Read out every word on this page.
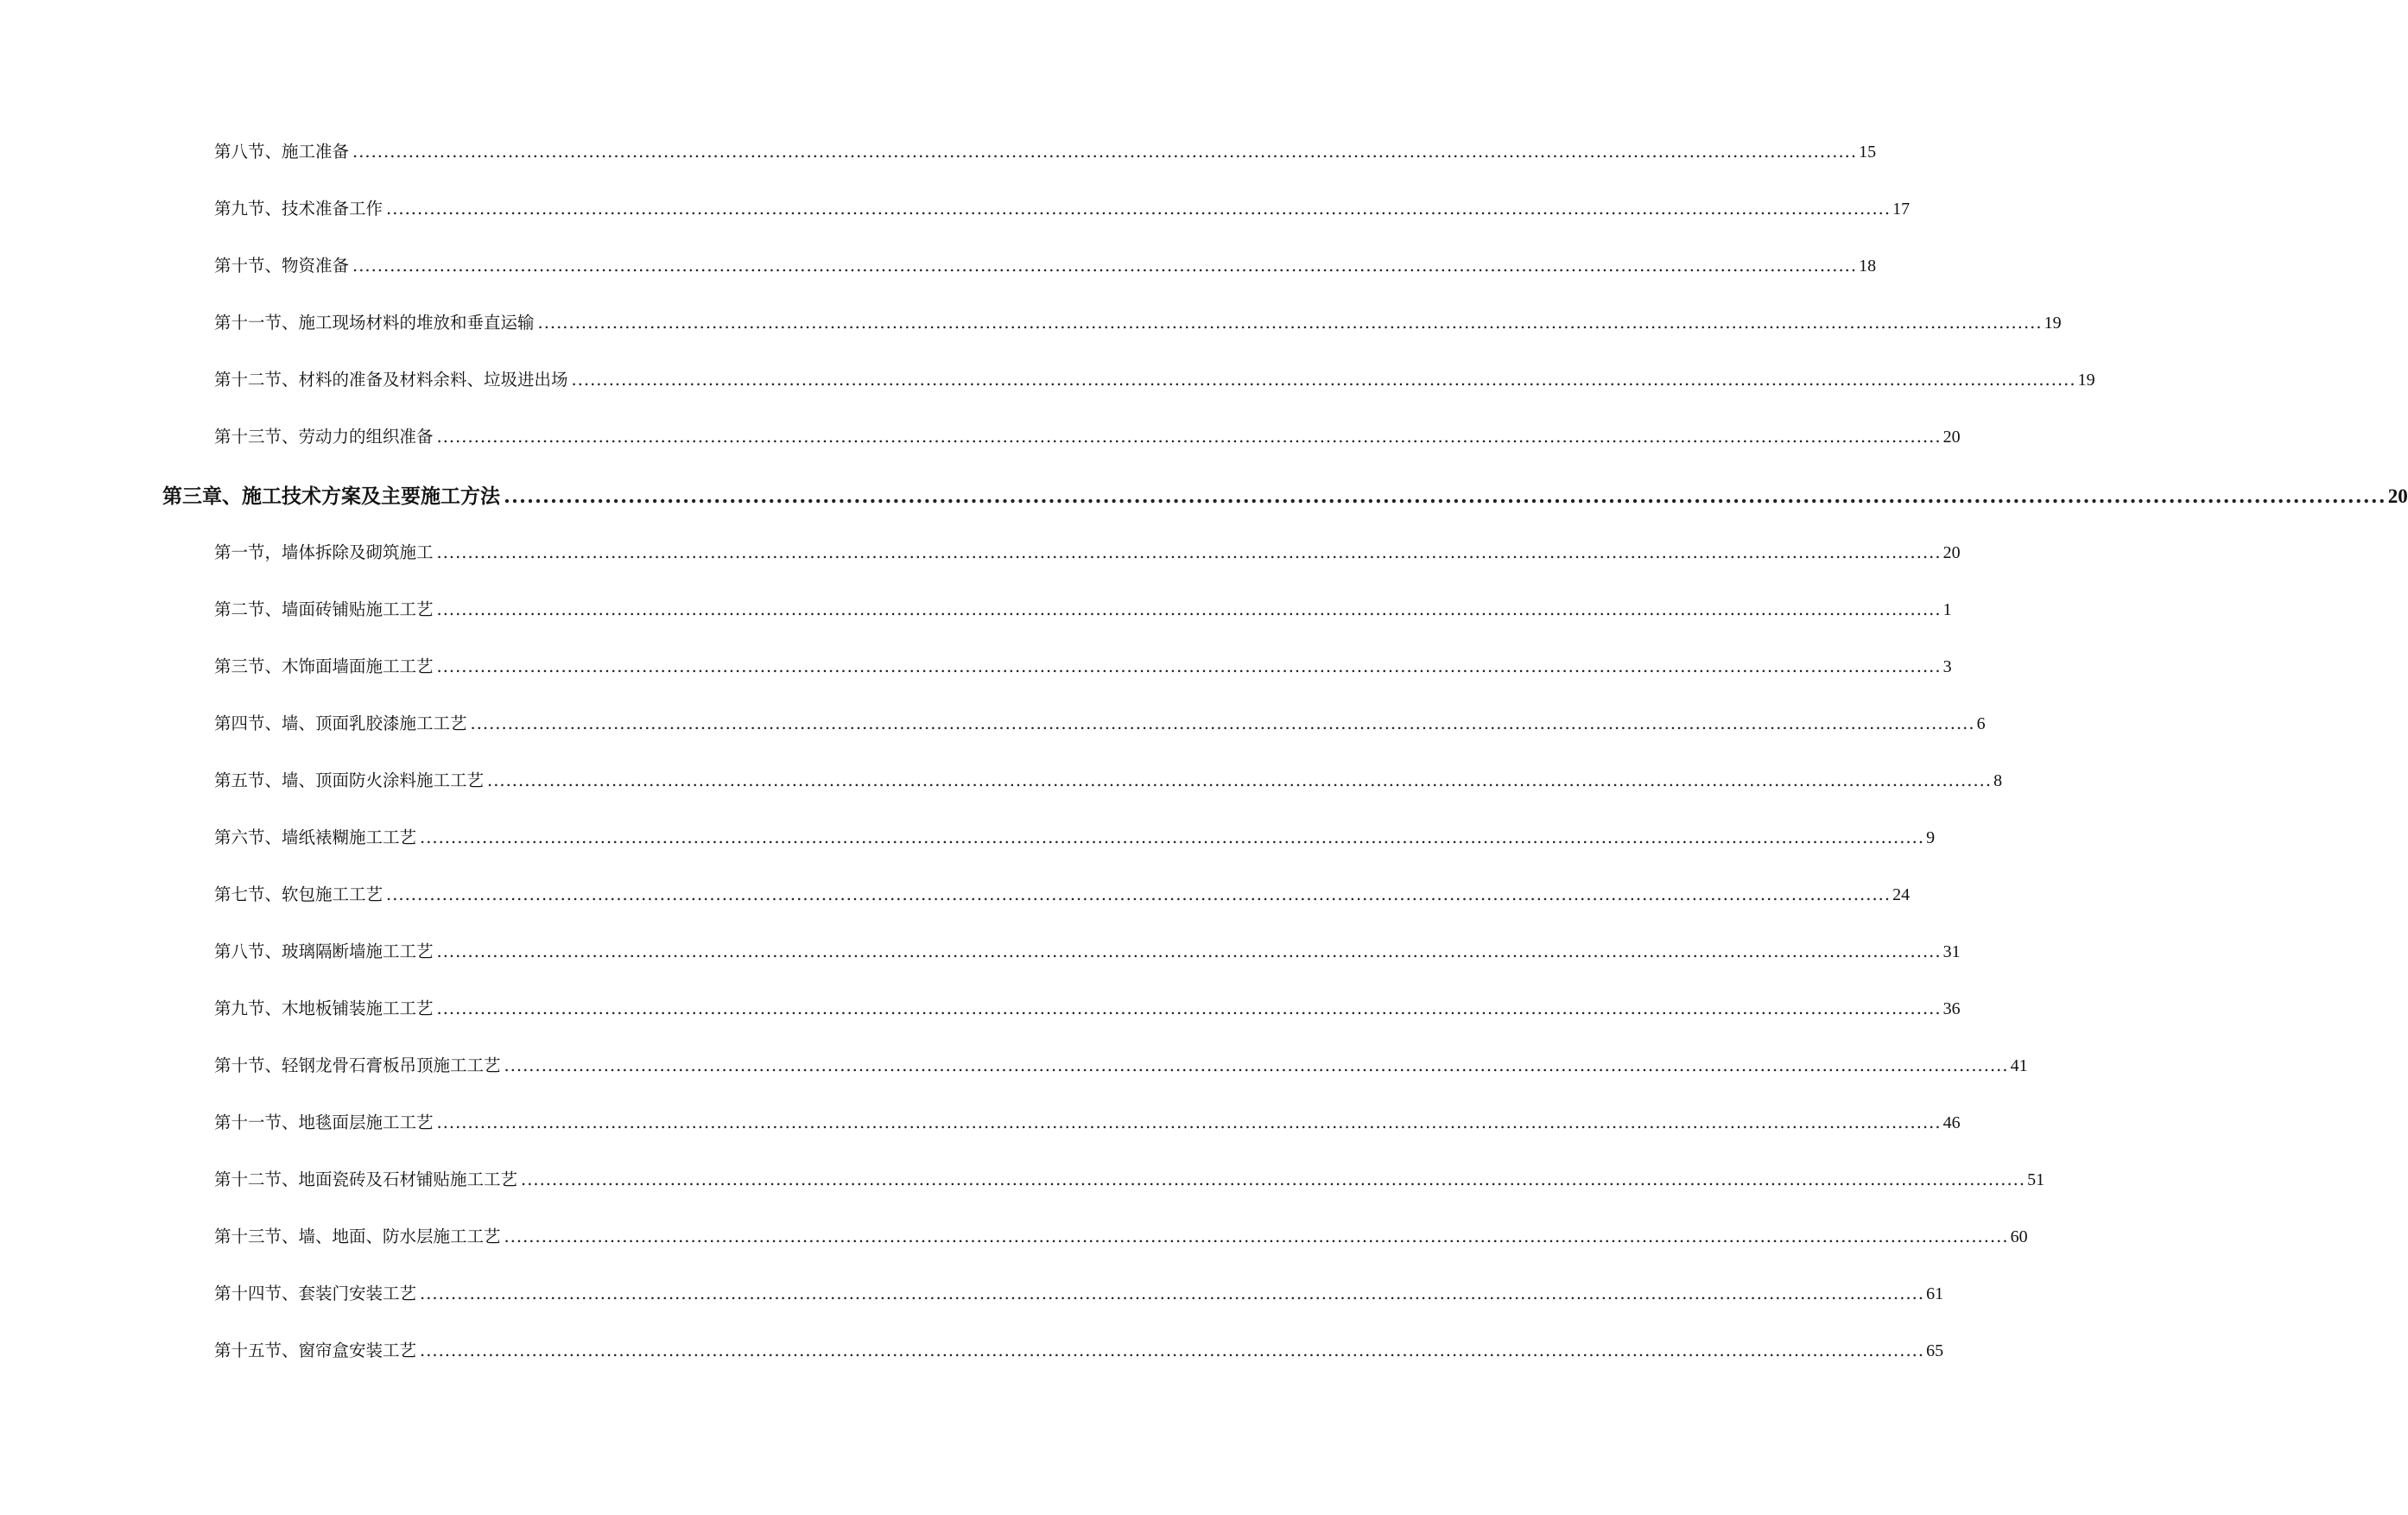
第八节、施工准备 .................................................................................................................................................................................................................................................. 15
第九节、技术准备工作 .................................................................................................................................................................................................................................................. 17
第十节、物资准备 .................................................................................................................................................................................................................................................. 18
第十一节、施工现场材料的堆放和垂直运输 .................................................................................................................................................................................................................................................. 19
第十二节、材料的准备及材料余料、垃圾进出场 .................................................................................................................................................................................................................................................. 19
第十三节、劳动力的组织准备 .................................................................................................................................................................................................................................................. 20
第三章、施工技术方案及主要施工方法 .................................................................................................................................................................................................................................................. 20
第一节，墙体拆除及砌筑施工 .................................................................................................................................................................................................................................................. 20
第二节、墙面砖铺贴施工工艺 .................................................................................................................................................................................................................................................. 1
第三节、木饰面墙面施工工艺 .................................................................................................................................................................................................................................................. 3
第四节、墙、顶面乳胶漆施工工艺 .................................................................................................................................................................................................................................................. 6
第五节、墙、顶面防火涂料施工工艺 .................................................................................................................................................................................................................................................. 8
第六节、墙纸裱糊施工工艺 .................................................................................................................................................................................................................................................. 9
第七节、软包施工工艺 .................................................................................................................................................................................................................................................. 24
第八节、玻璃隔断墙施工工艺 .................................................................................................................................................................................................................................................. 31
第九节、木地板铺装施工工艺 .................................................................................................................................................................................................................................................. 36
第十节、轻钢龙骨石膏板吊顶施工工艺 .................................................................................................................................................................................................................................................. 41
第十一节、地毯面层施工工艺 .................................................................................................................................................................................................................................................. 46
第十二节、地面瓷砖及石材铺贴施工工艺 .................................................................................................................................................................................................................................................. 51
第十三节、墙、地面、防水层施工工艺 .................................................................................................................................................................................................................................................. 60
第十四节、套装门安装工艺 .................................................................................................................................................................................................................................................. 61
第十五节、窗帘盒安装工艺 .................................................................................................................................................................................................................................................. 65
